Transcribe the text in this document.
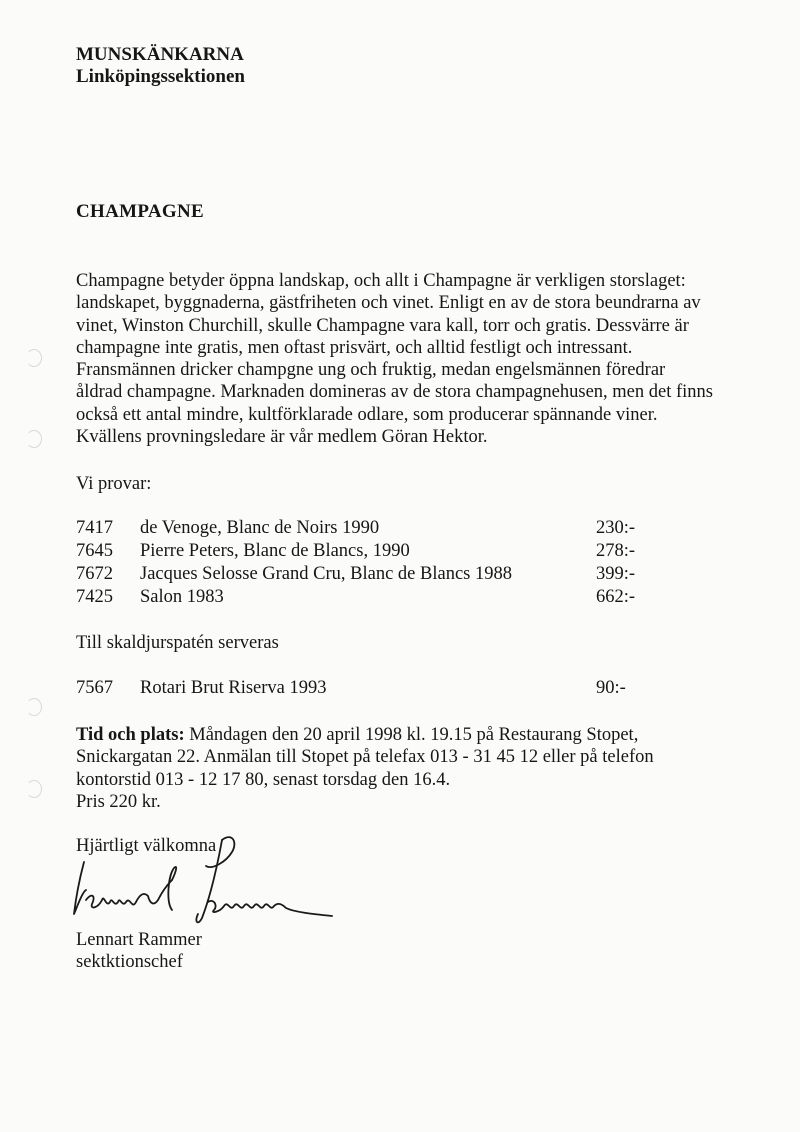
MUNSKÄNKARNA
Linköpingssektionen
CHAMPAGNE
Champagne betyder öppna landskap, och allt i Champagne är verkligen storslaget:
landskapet, byggnaderna, gästfriheten och vinet. Enligt en av de stora beundrarna av
vinet, Winston Churchill, skulle Champagne vara kall, torr och gratis. Dessvärre är
champagne inte gratis, men oftast prisvärt, och alltid festligt och intressant.
Fransmännen dricker champgne ung och fruktig, medan engelsmännen föredrar
åldrad champagne. Marknaden domineras av de stora champagnehusen, men det finns
också ett antal mindre, kultförklarade odlare, som producerar spännande viner.
Kvällens provningsledare är vår medlem Göran Hektor.
Vi provar:
7417 de Venoge, Blanc de Noirs 1990	230:-
7645 Pierre Peters, Blanc de Blancs, 1990	278:-
7672 Jacques Selosse Grand Cru, Blanc de Blancs 1988	399:-
7425 Salon 1983	662:-
Till skaldjurspatén serveras
7567 Rotari Brut Riserva 1993	90:-
Tid och plats: Måndagen den 20 april 1998 kl. 19.15 på Restaurang Stopet,
Snickargatan 22. Anmälan till Stopet på telefax 013 - 31 45 12 eller på telefon
kontorstid 013 - 12 17 80, senast torsdag den 16.4.
Pris 220 kr.
Hjärtligt välkomna
Lennart Rammer
sektktionschef
